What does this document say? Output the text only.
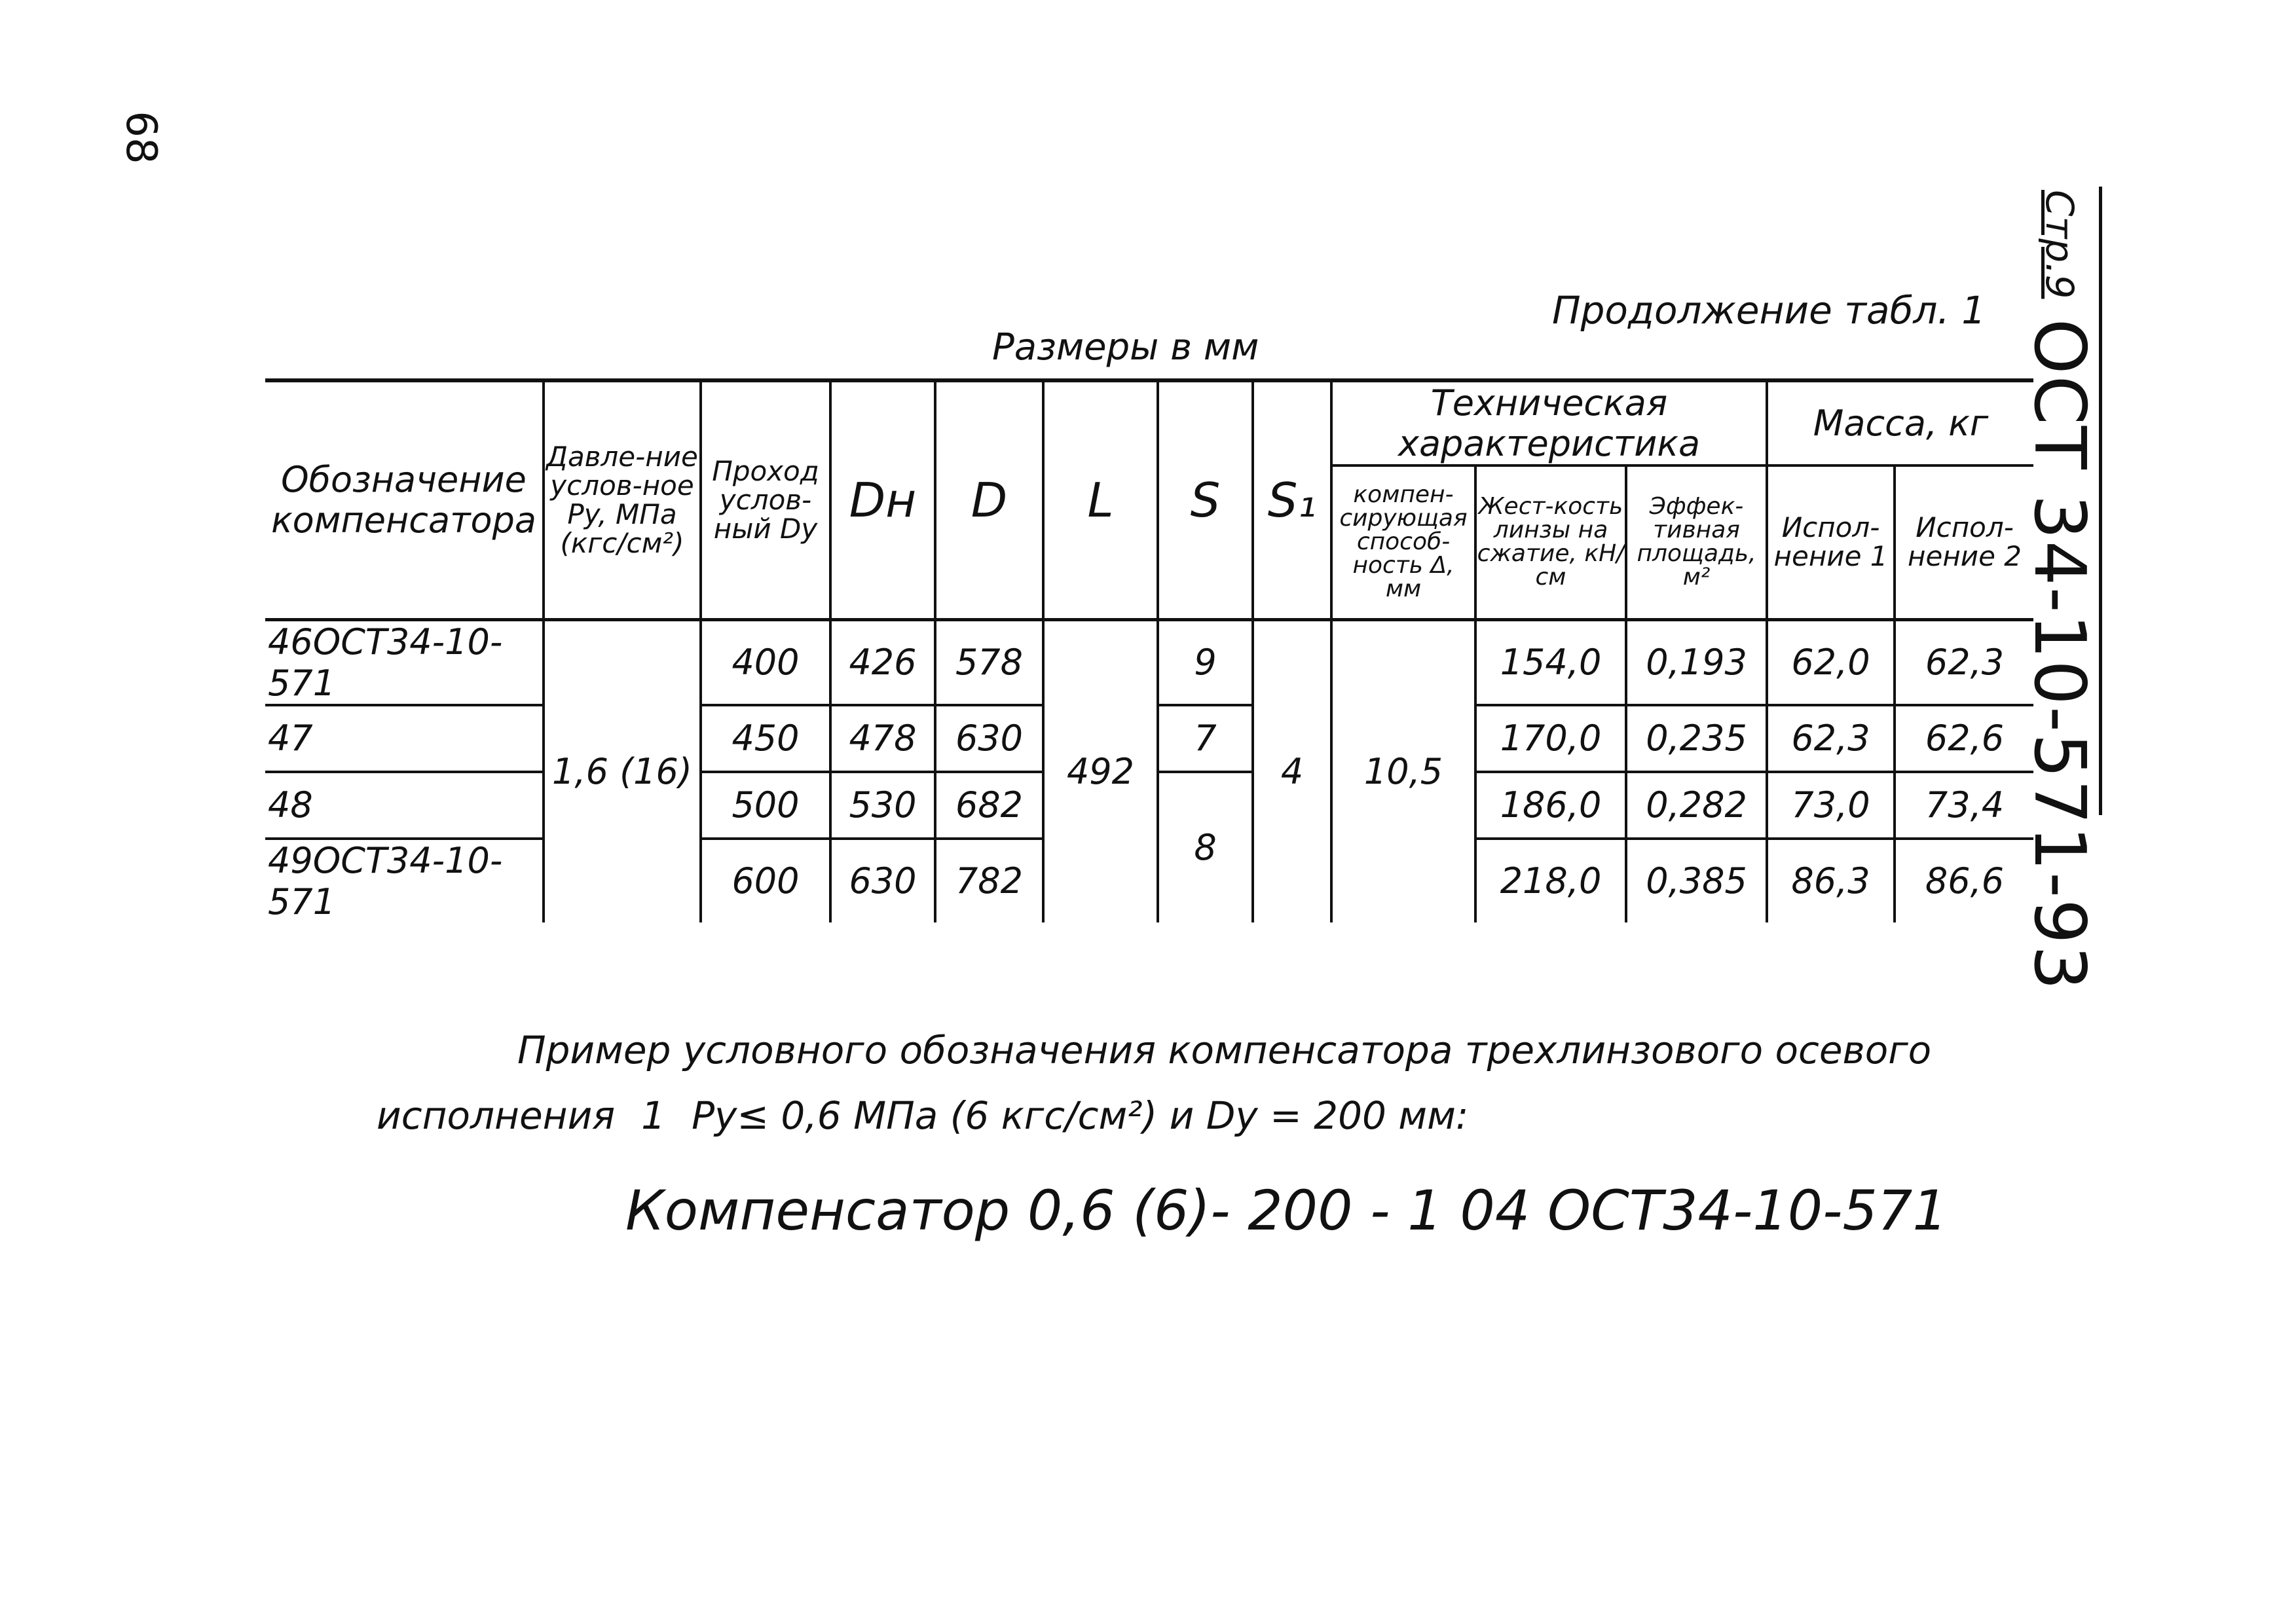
68
Стр.9
ОСТ 34-10-571-93
Продолжение табл. 1
Размеры в мм
Обозначение компенсатора	Давле-ние услов-ное Py, МПа (кгс/см²)	Проход услов-ный Dy	Dн	D	L	S	S₁	Техническая характеристика			Масса, кг	
								компен-сирующая способ-ность Δ, мм	Жест-кость линзы на сжатие, кН/см	Эффек-тивная площадь, м²	Испол-нение 1	Испол-нение 2
46ОСТ34-10-571	1,6 (16)	400	426	578	492	9	4	10,5	154,0	0,193	62,0	62,3
47		450	478	630		7			170,0	0,235	62,3	62,6
48		500	530	682		8			186,0	0,282	73,0	73,4
49ОСТ34-10-571		600	630	782					218,0	0,385	86,3	86,6
Пример условного обозначения компенсатора трехлинзового осевого
исполнения 1 Py≤ 0,6 МПа (6 кгс/см²) и Dy = 200 мм:
Компенсатор 0,6 (6)- 200 - 1 04 ОСТ34-10-571
